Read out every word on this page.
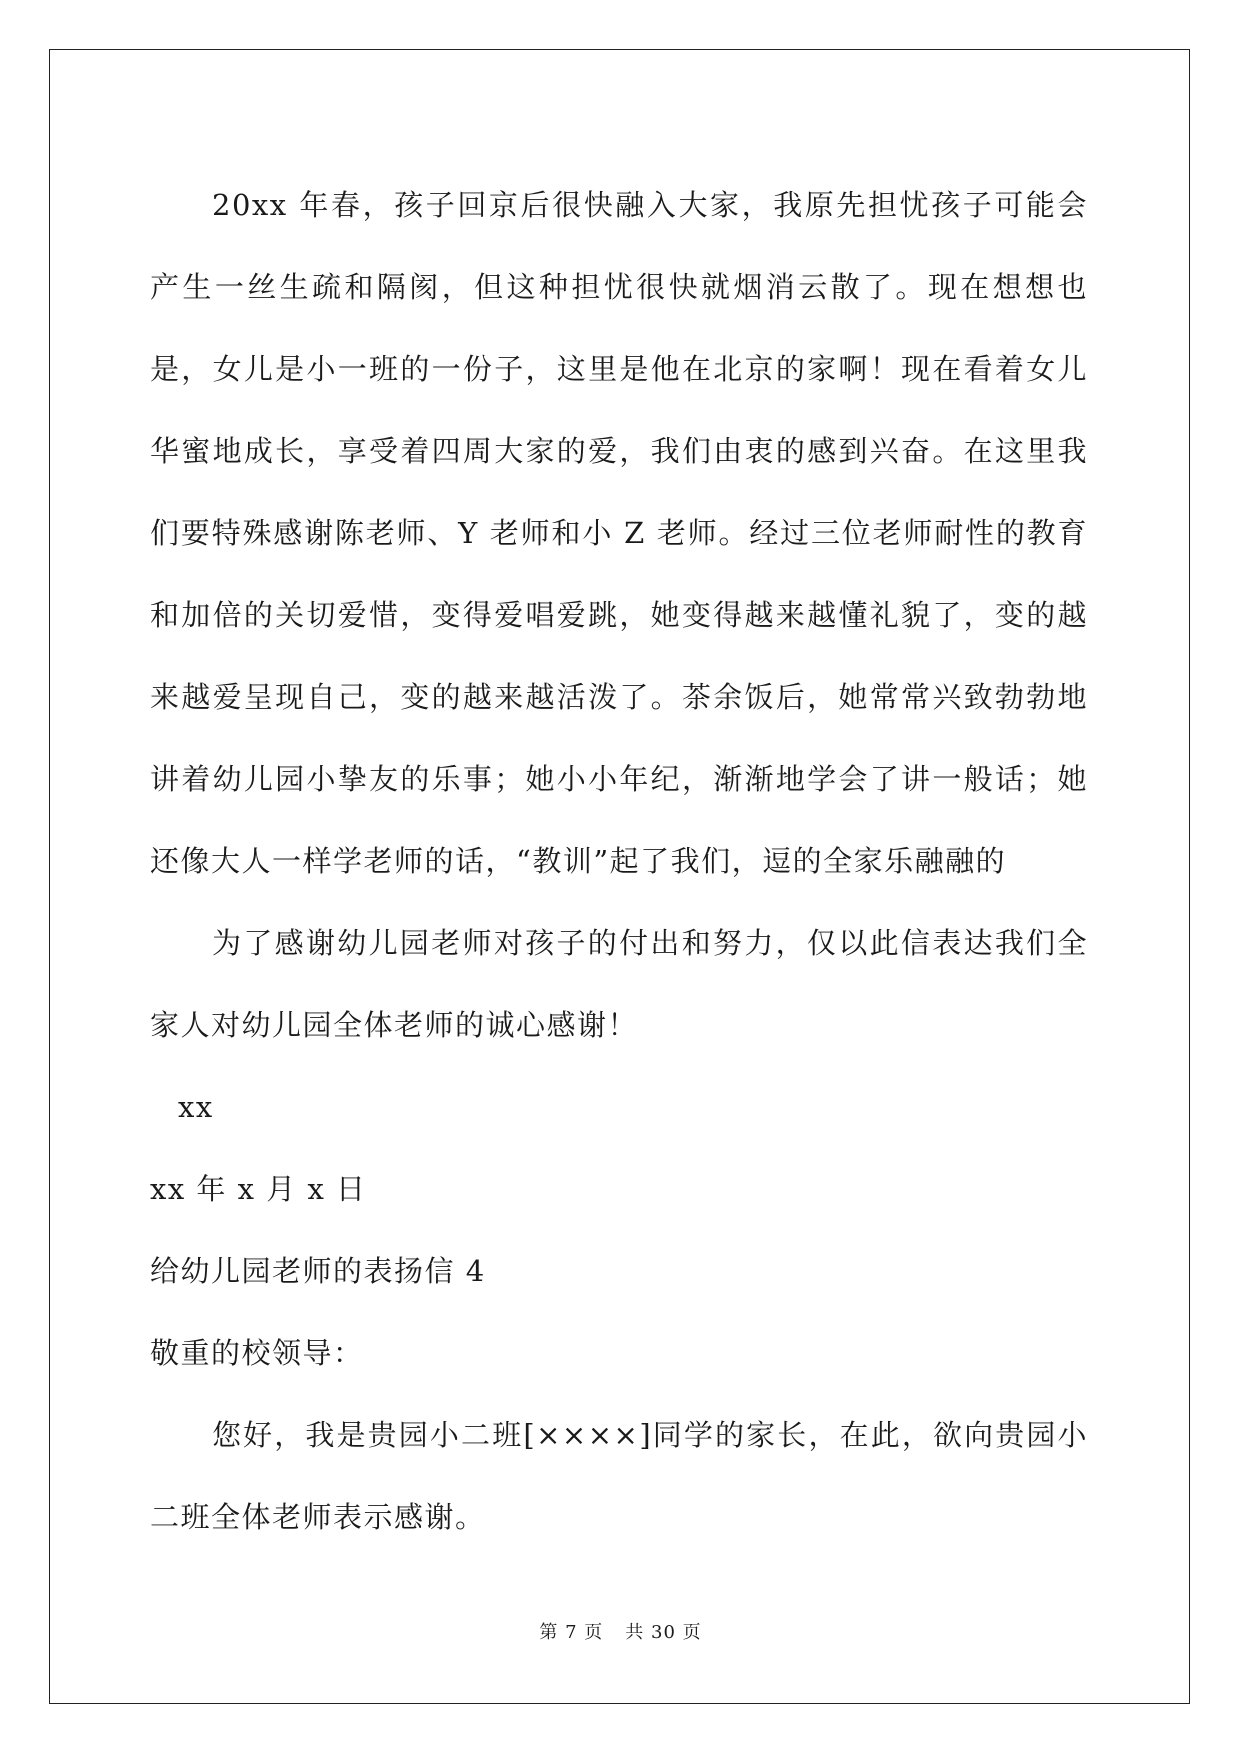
20xx 年春，孩子回京后很快融入大家，我原先担忧孩子可能会产生一丝生疏和隔阂，但这种担忧很快就烟消云散了。现在想想也是，女儿是小一班的一份子，这里是他在北京的家啊！现在看着女儿华蜜地成长，享受着四周大家的爱，我们由衷的感到兴奋。在这里我们要特殊感谢陈老师、Y 老师和小 Z 老师。经过三位老师耐性的教育和加倍的关切爱惜，变得爱唱爱跳，她变得越来越懂礼貌了，变的越来越爱呈现自己，变的越来越活泼了。茶余饭后，她常常兴致勃勃地讲着幼儿园小挚友的乐事；她小小年纪，渐渐地学会了讲一般话；她还像大人一样学老师的话，“教训”起了我们，逗的全家乐融融的

为了感谢幼儿园老师对孩子的付出和努力，仅以此信表达我们全家人对幼儿园全体老师的诚心感谢！

xx

xx 年 x 月 x 日

给幼儿园老师的表扬信 4

敬重的校领导：

您好，我是贵园小二班[××××]同学的家长，在此，欲向贵园小二班全体老师表示感谢。

第 7 页 共 30 页
